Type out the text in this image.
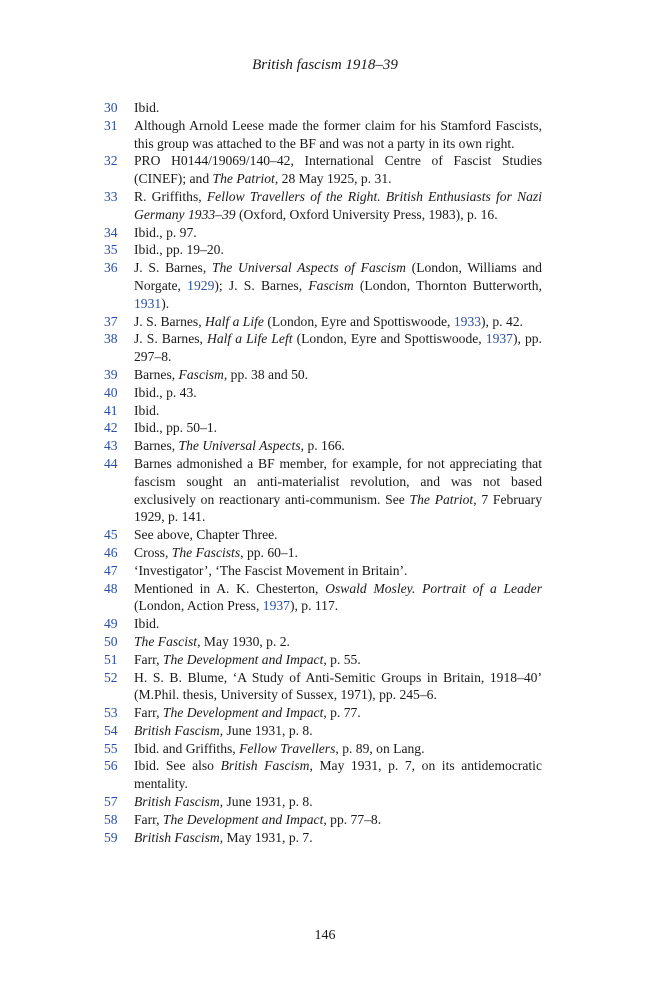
British fascism 1918–39
30	Ibid.
31	Although Arnold Leese made the former claim for his Stamford Fascists, this group was attached to the BF and was not a party in its own right.
32	PRO H0144/19069/140–42, International Centre of Fascist Studies (CINEF); and The Patriot, 28 May 1925, p. 31.
33	R. Griffiths, Fellow Travellers of the Right. British Enthusiasts for Nazi Germany 1933–39 (Oxford, Oxford University Press, 1983), p. 16.
34	Ibid., p. 97.
35	Ibid., pp. 19–20.
36	J. S. Barnes, The Universal Aspects of Fascism (London, Williams and Norgate, 1929); J. S. Barnes, Fascism (London, Thornton Butterworth, 1931).
37	J. S. Barnes, Half a Life (London, Eyre and Spottiswoode, 1933), p. 42.
38	J. S. Barnes, Half a Life Left (London, Eyre and Spottiswoode, 1937), pp. 297–8.
39	Barnes, Fascism, pp. 38 and 50.
40	Ibid., p. 43.
41	Ibid.
42	Ibid., pp. 50–1.
43	Barnes, The Universal Aspects, p. 166.
44	Barnes admonished a BF member, for example, for not appreciating that fascism sought an anti-materialist revolution, and was not based exclusively on reactionary anti-communism. See The Patriot, 7 February 1929, p. 141.
45	See above, Chapter Three.
46	Cross, The Fascists, pp. 60–1.
47	‘Investigator’, ‘The Fascist Movement in Britain’.
48	Mentioned in A. K. Chesterton, Oswald Mosley. Portrait of a Leader (London, Action Press, 1937), p. 117.
49	Ibid.
50	The Fascist, May 1930, p. 2.
51	Farr, The Development and Impact, p. 55.
52	H. S. B. Blume, ‘A Study of Anti-Semitic Groups in Britain, 1918–40’ (M.Phil. thesis, University of Sussex, 1971), pp. 245–6.
53	Farr, The Development and Impact, p. 77.
54	British Fascism, June 1931, p. 8.
55	Ibid. and Griffiths, Fellow Travellers, p. 89, on Lang.
56	Ibid. See also British Fascism, May 1931, p. 7, on its antidemocratic mentality.
57	British Fascism, June 1931, p. 8.
58	Farr, The Development and Impact, pp. 77–8.
59	British Fascism, May 1931, p. 7.
146
